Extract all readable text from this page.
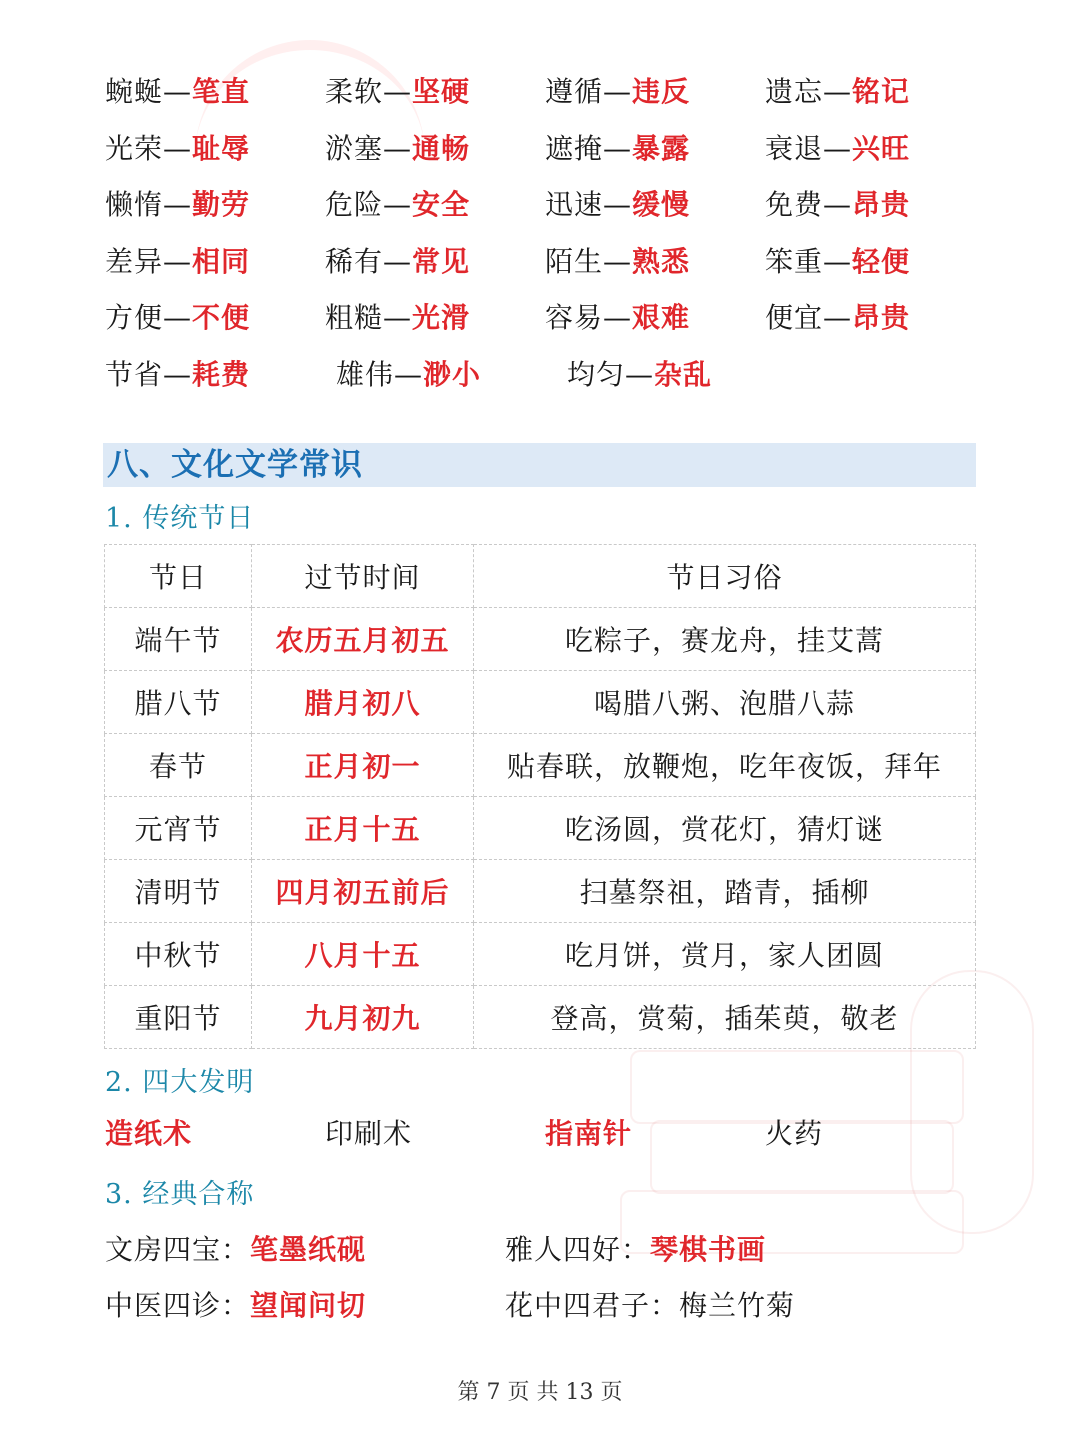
蜿蜒—笔直	柔软—坚硬	遵循—违反	遗忘—铭记
光荣—耻辱	淤塞—通畅	遮掩—暴露	衰退—兴旺
懒惰—勤劳	危险—安全	迅速—缓慢	免费—昂贵
差异—相同	稀有—常见	陌生—熟悉	笨重—轻便
方便—不便	粗糙—光滑	容易—艰难	便宜—昂贵
节省—耗费	雄伟—渺小	均匀—杂乱
八、文化文学常识
1. 传统节日
节日	过节时间	节日习俗
端午节	农历五月初五	吃粽子，赛龙舟，挂艾蒿
腊八节	腊月初八	喝腊八粥、泡腊八蒜
春节	正月初一	贴春联，放鞭炮，吃年夜饭，拜年
元宵节	正月十五	吃汤圆，赏花灯，猜灯谜
清明节	四月初五前后	扫墓祭祖，踏青，插柳
中秋节	八月十五	吃月饼，赏月，家人团圆
重阳节	九月初九	登高，赏菊，插茱萸，敬老
2. 四大发明
造纸术	印刷术	指南针	火药
3. 经典合称
文房四宝：笔墨纸砚	雅人四好：琴棋书画
中医四诊：望闻问切	花中四君子：梅兰竹菊
第 7 页 共 13 页
